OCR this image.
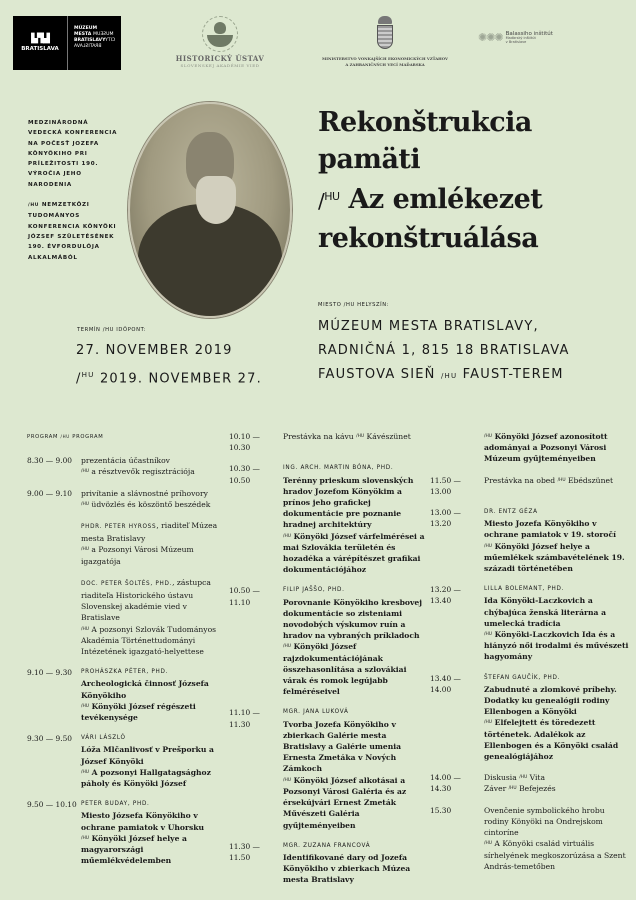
▙▜▟
BRATISLAVA
MÚZEUM
MESTA MUSEUM
BRATISLAVYCITY
BRATISLAVA
HISTORICKÝ ÚSTAV
SLOVENSKEJ AKADÉMIE VIED
MINISTERSTVO VONKAJŠÍCH EKONOMICKÝCH VZŤAHOV
A ZAHRANIČNÝCH VECÍ MAĎARSKA
✺✺✺ Balassiho inštitút
Maďarský inštitút
v Bratislave

MEDZINÁRODNÁ VEDECKÁ KONFERENCIA NA POČESŤ JOZEFA KÖNYÖKIHO PRI PRÍLEŽITOSTI 190. VÝROČIA JEHO NARODENIA

/HU NEMZETKÖZI TUDOMÁNYOS KONFERENCIA KÖNYÖKI JÓZSEF SZÜLETÉSÉNEK 190. ÉVFORDULÓJA ALKALMÁBÓL

Rekonštrukcia
pamäti
/$^{HU}$ Az emlékezet
rekonštruálása
TERMÍN /HU IDŐPONT:
27. NOVEMBER 2019
/$^{HU}$ 2019. NOVEMBER 27.
MIESTO /HU HELYSZÍN:
MÚZEUM MESTA BRATISLAVY,
RADNIČNÁ 1, 815 18 BRATISLAVA
FAUSTOVA SIEŇ /HU FAUST-TEREM
PROGRAM /HU PROGRAM
8.30 — 9.00	prezentácia účastníkov
$^{/HU}$ a résztvevők regisztrációja
9.00 — 9.10	privítanie a slávnostné príhovory
$^{/HU}$ üdvözlés és köszöntő beszédek
PHDR. PETER HYROSS, riaditeľ Múzea mesta Bratislavy
$^{/HU}$ a Pozsonyi Városi Múzeum igazgatója
DOC. PETER ŠOLTÉS, PHD., zástupca riaditeľa Historického ústavu Slovenskej akadémie vied v Bratislave
$^{/HU}$ A pozsonyi Szlovák Tudományos Akadémia Történettudományi Intézetének igazgató-helyettese
9.10 — 9.30	PROHÁSZKA PÉTER, PHD.
Archeologická činnosť Józsefa Könyökiho
$^{/HU}$ Könyöki József régészeti tevékenysége
9.30 — 9.50	VÁRI LÁSZLÓ
Lóža Mlčanlivosť v Prešporku a József Könyöki
$^{/HU}$ A pozsonyi Hallgatagsághoz páholy és Könyöki József
9.50 — 10.10 PETER BUDAY, PHD.
Miesto Józsefa Könyökiho v ochrane pamiatok v Uhorsku
$^{/HU}$ Könyöki József helye a magyarországi műemlékvédelemben
10.10 — 10.30
Prestávka na kávu $^{/HU}$ Kávészünet
10.30 — 10.50
ING. ARCH. MARTIN BÓNA, PHD.
Terénny prieskum slovenských hradov Jozefom Könyökim a prínos jeho grafickej dokumentácie pre poznanie hradnej architektúry
$^{/HU}$ Könyöki József várfelmérései a mai Szlovákia területén és hozadéka a várépítészet grafikai dokumentációjához
10.50 — 11.10
FILIP JAŠŠO, PHD.
Porovnanie Könyökiho kresbovej dokumentácie so zisteniami novodobých výskumov ruín a hradov na vybraných príkladoch
$^{/HU}$ Könyöki József rajzdokumentációjának összehasonlítása a szlovákiai várak és romok legújabb felméréseivel
11.10 — 11.30
MGR. JANA LUKOVÁ
Tvorba Jozefa Könyökiho v zbierkach Galérie mesta Bratislavy a Galérie umenia Ernesta Zmetáka v Nových Zámkoch
$^{/HU}$ Könyöki József alkotásai a Pozsonyi Városi Galéria és az érsekújvári Ernest Zmeták Művészeti Galéria gyűjteményeiben
11.30 — 11.50
MGR. ZUZANA FRANCOVÁ
Identifikované dary od Jozefa Könyökiho v zbierkach Múzea mesta Bratislavy
$^{/HU}$ Könyöki József azonosított adományai a Pozsonyi Városi Múzeum gyűjteményeiben
11.50 — 13.00
Prestávka na obed $^{/HU}$ Ebédszünet
13.00 — 13.20
DR. ENTZ GÉZA
Miesto Jozefa Könyökiho v ochrane pamiatok v 19. storočí
$^{/HU}$ Könyöki József helye a műemlékek számbavételének 19. századi történetében
13.20 — 13.40
LILLA BOLEMANT, PHD.
Ida Könyöki-Laczkovich a chýbajúca ženská literárna a umelecká tradícia
$^{/HU}$ Könyöki-Laczkovich Ida és a hiányzó női irodalmi és művészeti hagyomány
13.40 — 14.00
ŠTEFAN GAUČÍK, PHD.
Zabudnuté a zlomkové príbehy. Dodatky ku genealógii rodiny Ellenbogen a Könyöki
$^{/HU}$ Elfelejtett és töredezett történetek. Adalékok az Ellenbogen és a Könyöki család genealógiájához
14.00 — 14.30
Diskusia $^{/HU}$ Vita
Záver $^{/HU}$ Befejezés
15.30	Ovenčenie symbolického hrobu rodiny Könyöki na Ondrejskom cintoríne
$^{/HU}$ A Könyöki család virtuális sírhelyének megkoszorúzása a Szent András-temetőben
